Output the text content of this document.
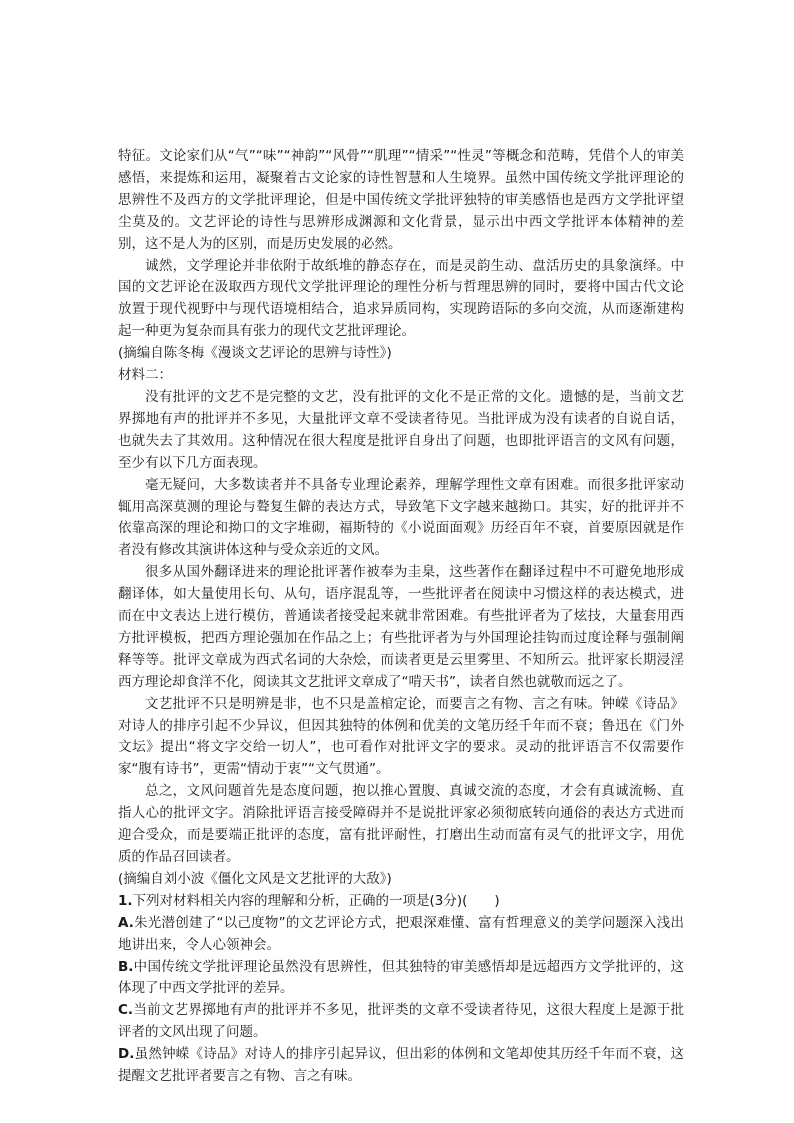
特征。文论家们从“气”“味”“神韵”“风骨”“肌理”“情采”“性灵”等概念和范畴，凭借个人的审美感悟，来提炼和运用，凝聚着古文论家的诗性智慧和人生境界。虽然中国传统文学批评理论的思辨性不及西方的文学批评理论，但是中国传统文学批评独特的审美感悟也是西方文学批评望尘莫及的。文艺评论的诗性与思辨形成渊源和文化背景，显示出中西文学批评本体精神的差别，这不是人为的区别，而是历史发展的必然。

诚然，文学理论并非依附于故纸堆的静态存在，而是灵韵生动、盘活历史的具象演绎。中国的文艺评论在汲取西方现代文学批评理论的理性分析与哲理思辨的同时，要将中国古代文论放置于现代视野中与现代语境相结合，追求异质同构，实现跨语际的多向交流，从而逐渐建构起一种更为复杂而具有张力的现代文艺批评理论。

(摘编自陈冬梅《漫谈文艺评论的思辨与诗性》)

材料二：

没有批评的文艺不是完整的文艺，没有批评的文化不是正常的文化。遗憾的是，当前文艺界掷地有声的批评并不多见，大量批评文章不受读者待见。当批评成为没有读者的自说自话，也就失去了其效用。这种情况在很大程度是批评自身出了问题，也即批评语言的文风有问题，至少有以下几方面表现。

毫无疑问，大多数读者并不具备专业理论素养，理解学理性文章有困难。而很多批评家动辄用高深莫测的理论与聱复生僻的表达方式，导致笔下文字越来越拗口。其实，好的批评并不依靠高深的理论和拗口的文字堆砌，福斯特的《小说面面观》历经百年不衰，首要原因就是作者没有修改其演讲体这种与受众亲近的文风。

很多从国外翻译进来的理论批评著作被奉为圭臬，这些著作在翻译过程中不可避免地形成翻译体，如大量使用长句、从句，语序混乱等，一些批评者在阅读中习惯这样的表达模式，进而在中文表达上进行模仿，普通读者接受起来就非常困难。有些批评者为了炫技，大量套用西方批评模板，把西方理论强加在作品之上；有些批评者为与外国理论挂钩而过度诠释与强制阐释等等。批评文章成为西式名词的大杂烩，而读者更是云里雾里、不知所云。批评家长期浸淫西方理论却食洋不化，阅读其文艺批评文章成了“啃天书”，读者自然也就敬而远之了。

文艺批评不只是明辨是非，也不只是盖棺定论，而要言之有物、言之有味。钟嵘《诗品》对诗人的排序引起不少异议，但因其独特的体例和优美的文笔历经千年而不衰；鲁迅在《门外文坛》提出“将文字交给一切人”，也可看作对批评文字的要求。灵动的批评语言不仅需要作家“腹有诗书”，更需“情动于衷”“文气贯通”。

总之，文风问题首先是态度问题，抱以推心置腹、真诚交流的态度，才会有真诚流畅、直指人心的批评文字。消除批评语言接受障碍并不是说批评家必须彻底转向通俗的表达方式进而迎合受众，而是要端正批评的态度，富有批评耐性，打磨出生动而富有灵气的批评文字，用优质的作品召回读者。

(摘编自刘小波《僵化文风是文艺批评的大敌》)

1.下列对材料相关内容的理解和分析，正确的一项是(3分)(　　)

A.朱光潜创建了“以己度物”的文艺评论方式，把艰深难懂、富有哲理意义的美学问题深入浅出地讲出来，令人心领神会。

B.中国传统文学批评理论虽然没有思辨性，但其独特的审美感悟却是远超西方文学批评的，这体现了中西文学批评的差异。

C.当前文艺界掷地有声的批评并不多见，批评类的文章不受读者待见，这很大程度上是源于批评者的文风出现了问题。

D.虽然钟嵘《诗品》对诗人的排序引起异议，但出彩的体例和文笔却使其历经千年而不衰，这提醒文艺批评者要言之有物、言之有味。
